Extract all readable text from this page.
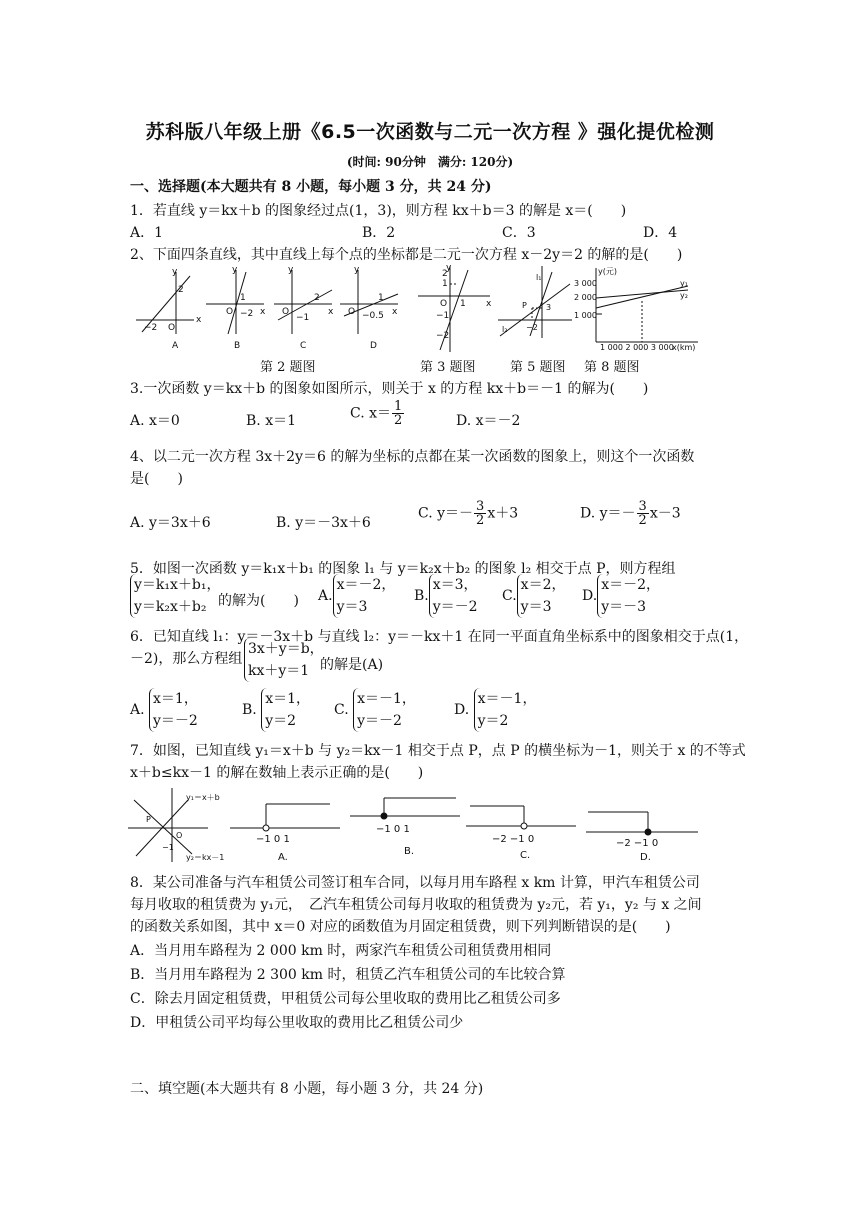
苏科版八年级上册《6.5一次函数与二元一次方程 》强化提优检测
(时间: 90分钟　满分: 120分)
一、选择题(本大题共有 8 小题，每小题 3 分，共 24 分)
1．若直线 y＝kx＋b 的图象经过点(1，3)，则方程 kx＋b＝3 的解是 x＝(　　)
A．1	B．2	C．3	D．4
2、下面四条直线，其中直线上每个点的坐标都是二元一次方程 x－2y＝2 的解的是(　　)
2
−2 O
x
y
1
−2
O	x
y
2
−1
O	x
y
1
−0.5
O	x
y
A	B	C	D
1
2
−1
−2
1
O	x
y
l₁
l₂
P 3
−2
y(元)
3 000
2 000
1 000
y₁
y₂
1 000 2 000 3 000
x(km)
第 2 题图	第 3 题图	第 5 题图 第 8 题图
3.一次函数 y＝kx＋b 的图象如图所示，则关于 x 的方程 kx＋b＝－1 的解为(　　)
A. x＝0	B. x＝1	C. $x= \frac{1}{2}$	D. x＝－2
4、以二元一次方程 3x＋2y＝6 的解为坐标的点都在某一次函数的图象上，则这个一次函数
是(　　)
A. y＝3x＋6	B. y＝－3x＋6
C. $y=- \frac{3}{2} x+3$	D. $y=- \frac{3}{2} x-3$
5．如图一次函数 y＝k₁x＋b₁ 的图象 l₁ 与 y＝k₂x＋b₂ 的图象 l₂ 相交于点 P，则方程组
y＝k₁x＋b₁，
y＝k₂x＋b₂ 的解为(　　) A.x＝－2，
y＝3
B.x＝3，
y＝－2
C.x＝2，
y＝3
D.x＝－2，
y＝－3
6．已知直线 l₁：y＝－3x＋b 与直线 l₂：y＝－kx＋1 在同一平面直角坐标系中的图象相交于点(1，
－2)，那么方程组
3x＋y＝b，
kx＋y＝1 的解是(A)
A. x＝1，
y＝－2
B. x＝1，
y＝2
C. x＝－1，
y＝－2
D. x＝－1，
y＝2
7．如图，已知直线 y₁＝x＋b 与 y₂＝kx－1 相交于点 P，点 P 的横坐标为－1，则关于 x 的不等式
x＋b≤kx－1 的解在数轴上表示正确的是(　　)
y₁＝x＋b
y₂＝kx－1
P
O
−1
−1 0 1
A.
−1 0 1
B.
−2 −1 0
C.
−2 −1 0
D.
8．某公司准备与汽车租赁公司签订租车合同，以每月用车路程 x km 计算，甲汽车租赁公司
每月收取的租赁费为 y₁元，　乙汽车租赁公司每月收取的租赁费为 y₂元，若 y₁，y₂ 与 x 之间
的函数关系如图，其中 x＝0 对应的函数值为月固定租赁费，则下列判断错误的是(　　)
A．当月用车路程为 2 000 km 时，两家汽车租赁公司租赁费用相同
B．当月用车路程为 2 300 km 时，租赁乙汽车租赁公司的车比较合算
C．除去月固定租赁费，甲租赁公司每公里收取的费用比乙租赁公司多
D．甲租赁公司平均每公里收取的费用比乙租赁公司少
二、填空题(本大题共有 8 小题，每小题 3 分，共 24 分)
